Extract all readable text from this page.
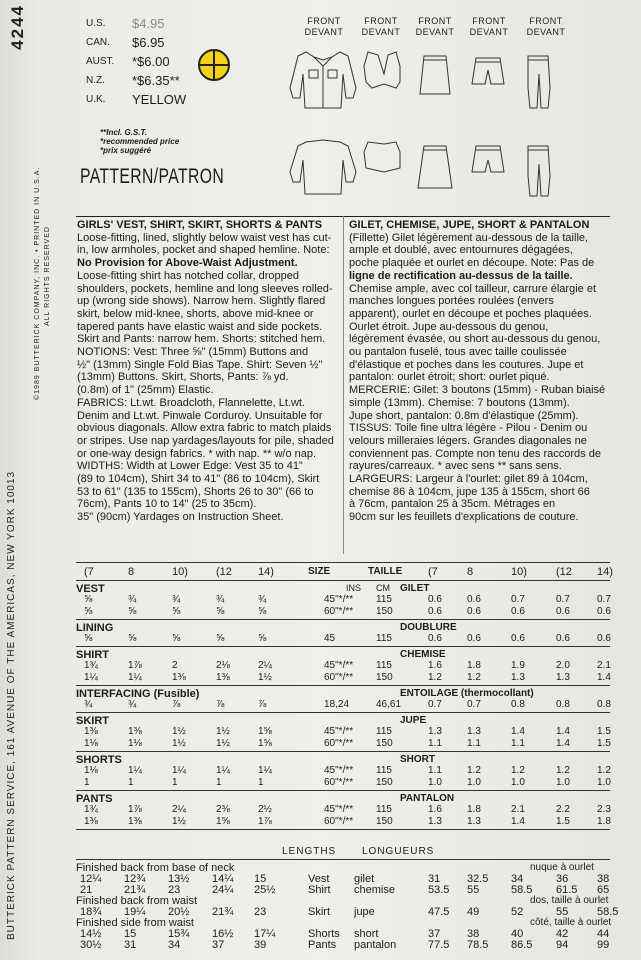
4244
BUTTERICK PATTERN SERVICE, 161 AVENUE OF THE AMERICAS, NEW YORK 10013
©1989 BUTTERICK COMPANY, INC. • PRINTED IN U.S.A. ALL RIGHTS RESERVED
U.S.	$4.95
CAN.	$6.95
AUST.	*$6.00
N.Z.	*$6.35**
U.K.	YELLOW
**Incl. G.S.T.
*recommended price
*prix suggéré
FRONT
DEVANT
FRONT
DEVANT
FRONT
DEVANT
FRONT
DEVANT
FRONT
DEVANT
PATTERN/PATRON
GIRLS' VEST, SHIRT, SKIRT, SHORTS & PANTS
Loose-fitting, lined, slightly below waist vest has cut-
in, low armholes, pocket and shaped hemline. Note:
No Provision for Above-Waist Adjustment.
Loose-fitting shirt has notched collar, dropped
shoulders, pockets, hemline and long sleeves rolled-
up (wrong side shows). Narrow hem. Slightly flared
skirt, below mid-knee, shorts, above mid-knee or
tapered pants have elastic waist and side pockets.
Skirt and Pants: narrow hem. Shorts: stitched hem.
NOTIONS: Vest: Three ⅝" (15mm) Buttons and
½" (13mm) Single Fold Bias Tape. Shirt: Seven ½"
(13mm) Buttons. Skirt, Shorts, Pants: ⅞ yd.
(0.8m) of 1" (25mm) Elastic.
FABRICS: Lt.wt. Broadcloth, Flannelette, Lt.wt.
Denim and Lt.wt. Pinwale Corduroy. Unsuitable for
obvious diagonals. Allow extra fabric to match plaids
or stripes. Use nap yardages/layouts for pile, shaded
or one-way design fabrics. * with nap. ** w/o nap.
WIDTHS: Width at Lower Edge: Vest 35 to 41"
(89 to 104cm), Shirt 34 to 41" (86 to 104cm), Skirt
53 to 61" (135 to 155cm), Shorts 26 to 30" (66 to
76cm), Pants 10 to 14" (25 to 35cm).
35" (90cm) Yardages on Instruction Sheet.
GILET, CHEMISE, JUPE, SHORT & PANTALON
(Fillette) Gilet légèrement au-dessous de la taille,
ample et doublé, avec entournures dégagées,
poche plaquée et ourlet en découpe. Note: Pas de
ligne de rectification au-dessus de la taille.
Chemise ample, avec col tailleur, carrure élargie et
manches longues portées roulées (envers
apparent), ourlet en découpe et poches plaquées.
Ourlet étroit. Jupe au-dessous du genou,
légèrement évasée, ou short au-dessous du genou,
ou pantalon fuselé, tous avec taille coulissée
d'élastique et poches dans les coutures. Jupe et
pantalon: ourlet étroit; short: ourlet piqué.
MERCERIE: Gilet: 3 boutons (15mm) - Ruban biaisé
simple (13mm). Chemise: 7 boutons (13mm).
Jupe short, pantalon: 0.8m d'élastique (25mm).
TISSUS: Toile fine ultra légère - Pilou - Denim ou
velours milleraies légers. Grandes diagonales ne
conviennent pas. Compte non tenu des raccords de
rayures/carreaux. * avec sens ** sans sens.
LARGEURS: Largeur à l'ourlet: gilet 89 à 104cm,
chemise 86 à 104cm, jupe 135 à 155cm, short 66
à 76cm, pantalon 25 à 35cm. Métrages en
90cm sur les feuillets d'explications de couture.
(7	8	10)	(12 14)	SIZE	TAILLE (7	8	10)	(12 14)
INS CM
VEST	GILET
⅝	¾	¾	¾	¾	45"*/** 115	0.6	0.6	0.7	0.7	0.7
⅝	⅝	⅝	⅝	⅝	60"*/** 150	0.6	0.6	0.6	0.6	0.6
LINING	DOUBLURE
⅝	⅝	⅝	⅝	⅝	45	115	0.6	0.6	0.6	0.6	0.6
SHIRT	CHEMISE
1¾	1⅞	2	2⅛	2¼	45"*/** 115	1.6	1.8	1.9	2.0	2.1
1¼	1¼	1⅜	1⅜	1½	60"*/** 150	1.2	1.2	1.3	1.3	1.4
INTERFACING (Fusible)	ENTOILAGE (thermocollant)
¾	¾	⅞	⅞	⅞	18,24	46,61	0.7	0.7	0.8	0.8	0.8
SKIRT	JUPE
1⅜	1⅜	1½	1½	1⅝	45"*/** 115	1.3	1.3	1.4	1.4	1.5
1⅛	1⅛	1½	1½	1⅝	60"*/** 150	1.1	1.1	1.1	1.4	1.5
SHORTS	SHORT
1⅛	1¼	1¼	1¼	1¼	45"*/** 115	1.1	1.2	1.2	1.2	1.2
1	1	1	1	1	60"*/** 150	1.0	1.0	1.0	1.0	1.0
PANTS	PANTALON
1¾	1⅞	2¼	2⅜	2½	45"*/** 115	1.6	1.8	2.1	2.2	2.3
1⅜	1⅜	1½	1⅝	1⅞	60"*/** 150	1.3	1.3	1.4	1.5	1.8
LENGTHS	LONGUEURS
Finished back from base of neck	nuque à ourlet
12¼ 12¾ 13½ 14¼ 15	Vest gilet	31 32.5 34	36	38
21	21¾ 23	24¼ 25½	Shirt chemise	53.5 55	58.5 61.5 65
Finished back from waist	dos, taille à ourlet
18¾ 19¼ 20½ 21¾ 23	Skirt jupe	47.5 49	52	55	58.5
Finished side from waist	côté, taille à ourlet
14½ 15	15¾ 16½ 17¼	Shorts short	37 38	40	42	44
30½ 31	34	37	39	Pants pantalon	77.5 78.5 86.5 94	99
